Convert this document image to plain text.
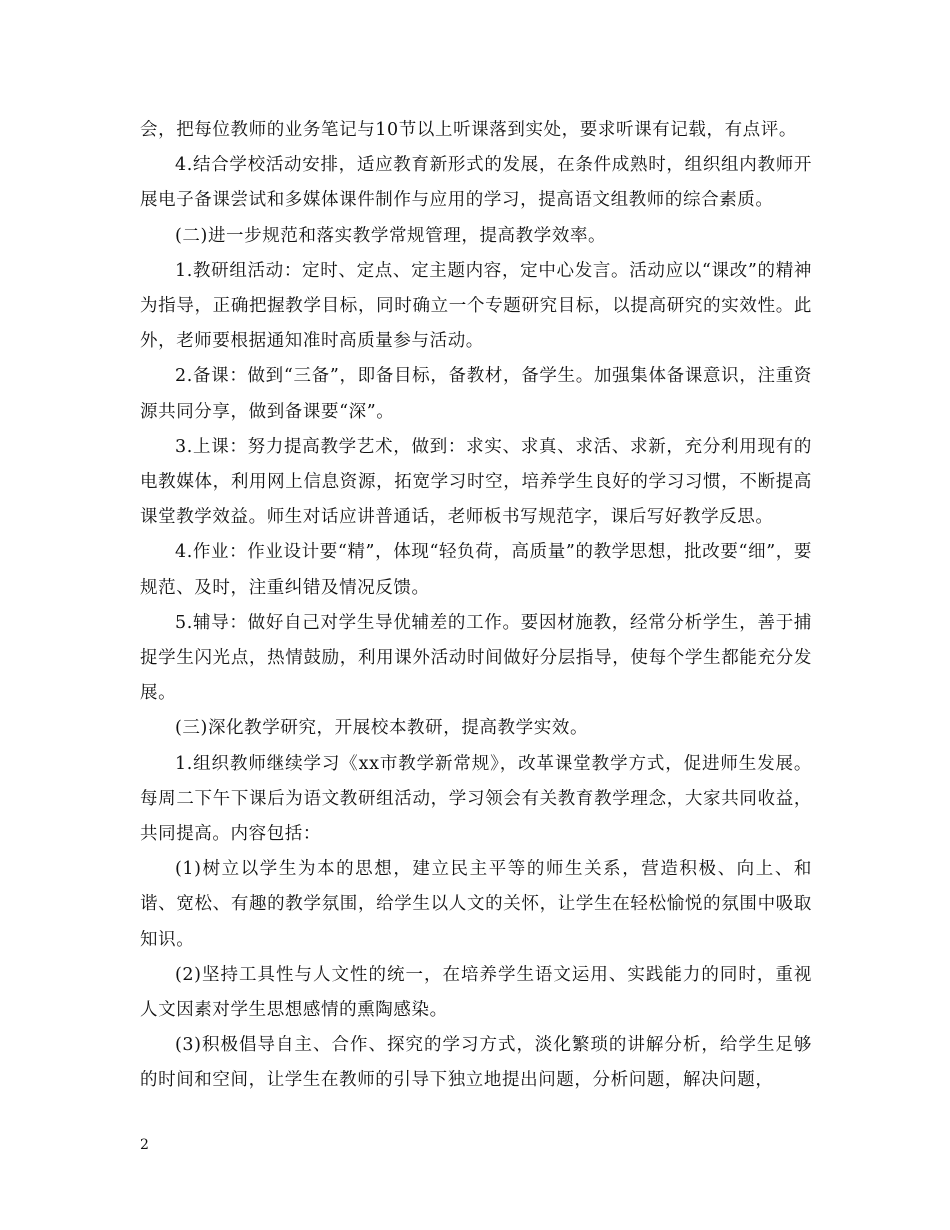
会，把每位教师的业务笔记与10节以上听课落到实处，要求听课有记载，有点评。

4.结合学校活动安排，适应教育新形式的发展，在条件成熟时，组织组内教师开展电子备课尝试和多媒体课件制作与应用的学习，提高语文组教师的综合素质。

(二)进一步规范和落实教学常规管理，提高教学效率。

1.教研组活动：定时、定点、定主题内容，定中心发言。活动应以“课改”的精神为指导，正确把握教学目标，同时确立一个专题研究目标，以提高研究的实效性。此外，老师要根据通知准时高质量参与活动。

2.备课：做到“三备”，即备目标，备教材，备学生。加强集体备课意识，注重资源共同分享，做到备课要“深”。

3.上课：努力提高教学艺术，做到：求实、求真、求活、求新，充分利用现有的电教媒体，利用网上信息资源，拓宽学习时空，培养学生良好的学习习惯，不断提高课堂教学效益。师生对话应讲普通话，老师板书写规范字，课后写好教学反思。

4.作业：作业设计要“精”，体现“轻负荷，高质量”的教学思想，批改要“细”，要规范、及时，注重纠错及情况反馈。

5.辅导：做好自己对学生导优辅差的工作。要因材施教，经常分析学生，善于捕捉学生闪光点，热情鼓励，利用课外活动时间做好分层指导，使每个学生都能充分发展。

(三)深化教学研究，开展校本教研，提高教学实效。

1.组织教师继续学习《xx市教学新常规》，改革课堂教学方式，促进师生发展。每周二下午下课后为语文教研组活动，学习领会有关教育教学理念，大家共同收益，共同提高。内容包括：

(1)树立以学生为本的思想，建立民主平等的师生关系，营造积极、向上、和谐、宽松、有趣的教学氛围，给学生以人文的关怀，让学生在轻松愉悦的氛围中吸取知识。

(2)坚持工具性与人文性的统一，在培养学生语文运用、实践能力的同时，重视人文因素对学生思想感情的熏陶感染。

(3)积极倡导自主、合作、探究的学习方式，淡化繁琐的讲解分析，给学生足够的时间和空间，让学生在教师的引导下独立地提出问题，分析问题，解决问题，

2
